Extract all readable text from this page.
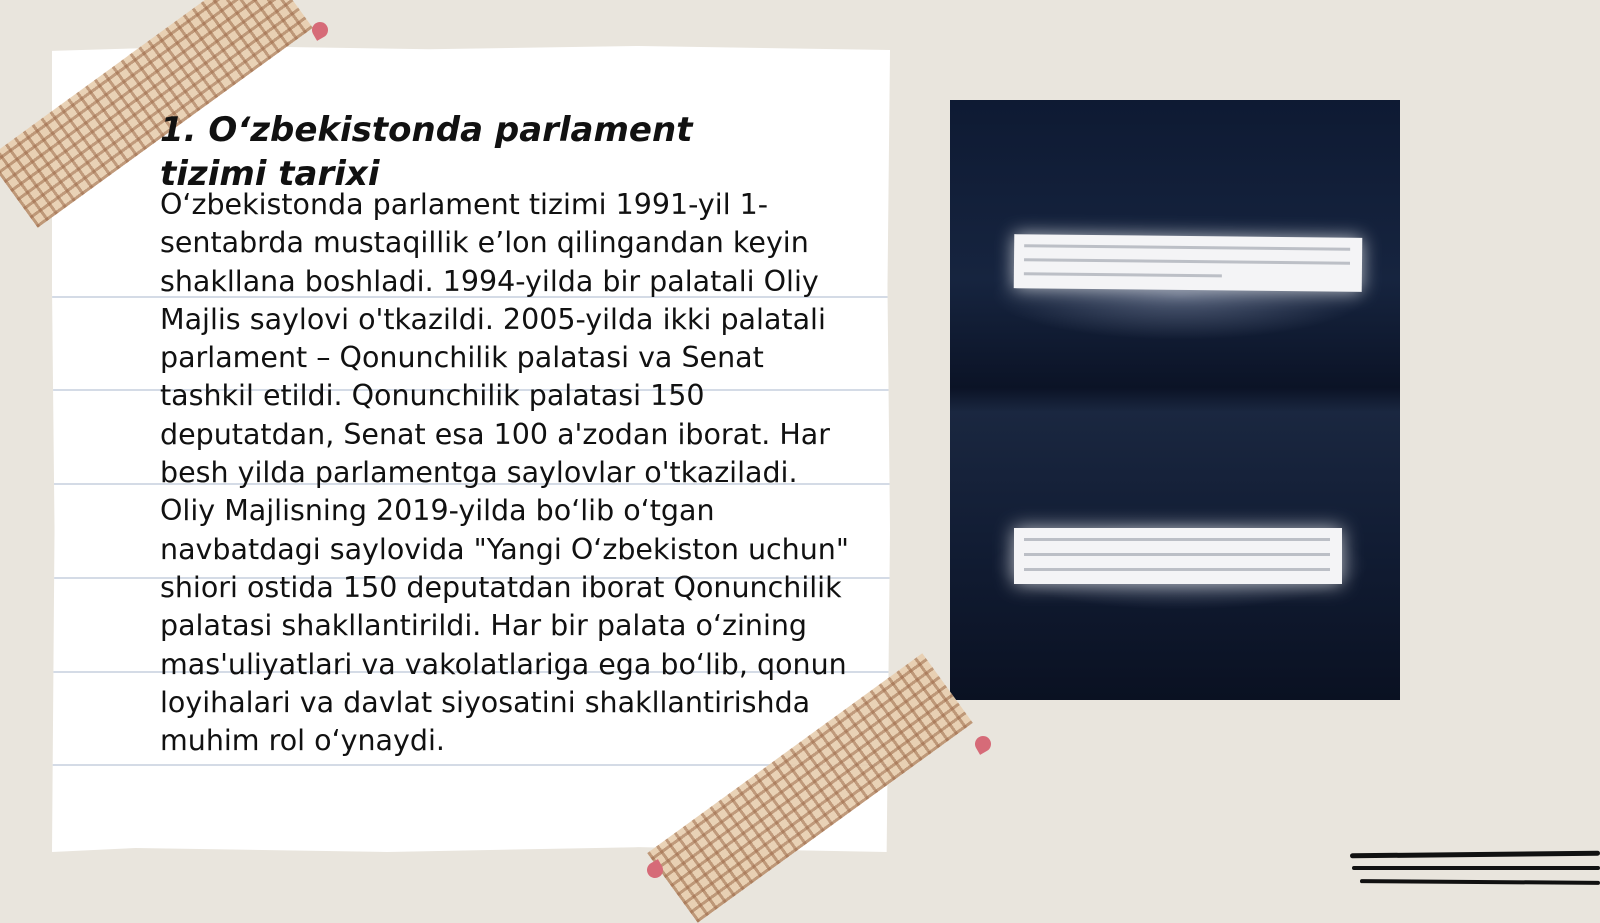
1. O‘zbekistonda parlament tizimi tarixi

O‘zbekistonda parlament tizimi 1991-yil 1-sentabrda mustaqillik e’lon qilingandan keyin shakllana boshladi. 1994-yilda bir palatali Oliy Majlis saylovi o'tkazildi. 2005-yilda ikki palatali parlament – Qonunchilik palatasi va Senat tashkil etildi. Qonunchilik palatasi 150 deputatdan, Senat esa 100 a'zodan iborat. Har besh yilda parlamentga saylovlar o'tkaziladi. Oliy Majlisning 2019-yilda bo‘lib o‘tgan navbatdagi saylovida "Yangi O‘zbekiston uchun" shiori ostida 150 deputatdan iborat Qonunchilik palatasi shakllantirildi. Har bir palata o‘zining mas'uliyatlari va vakolatlariga ega bo‘lib, qonun loyihalari va davlat siyosatini shakllantirishda muhim rol o‘ynaydi.
